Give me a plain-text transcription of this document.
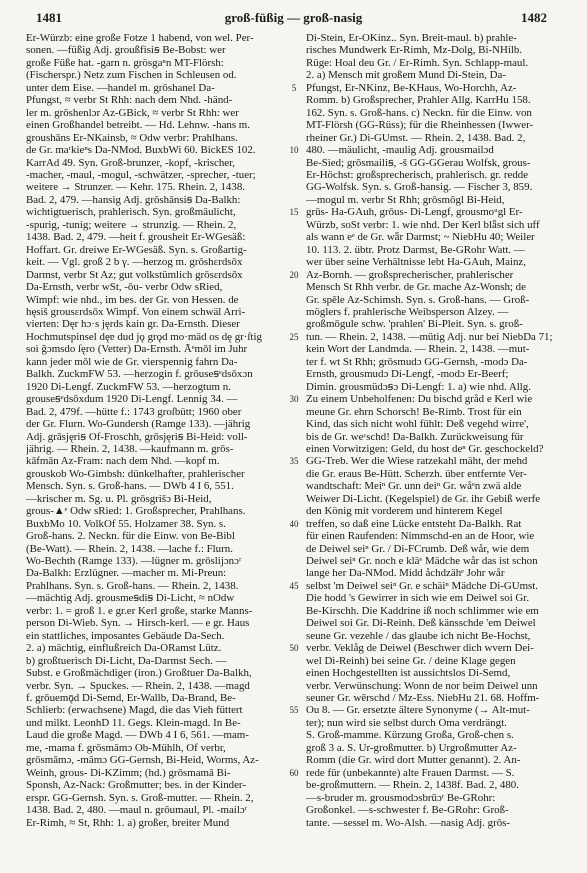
1481	groß-füßig — groß-nasig	1482
Er-Würzb: eine große Fotze 1 habend, von wel. Per-
sonen. —füßig Adj. groußfisiꞩ Be-Bobst: wer
große Füße hat. -garn n. grösgaⁿn MT-Flörsh:
(Fischerspr.) Netz zum Fischen in Schleusen od.
unter dem Eise. —handel m. grōshanel Da-
Pfungst, ≈ verbr St Rhh: nach dem Nhd. -händ-
ler m. grōshenlɔr Az-GBick, ≈ verbr St Rhh: wer
einen Großhandel betreibt. — Hd. Lehnw. -hans m.
groushāns Er-NKainsb, ≈ Odw verbr: Prahlhans.
de Gr. mаʳkiеⁿs Da-NMod. BuxbWi 60. BickES 102.
KarrAd 49. Syn. Groß-brunzer, -kopf, -krischer,
-macher, -maul, -mogul, -schwätzer, -sprecher, -tuer;
weitere → Strunzer. — Kehr. 175. Rhein. 2, 1438.
Bad. 2, 479. —hansig Adj. grōshānsiꞩ Da-Balkh:
wichtigtuerisch, prahlerisch. Syn. großmäulicht,
-spurig, -tunig; weitere → strunzig. — Rhein. 2,
1438. Bad. 2, 479. —heit f. grousheit Er-WGesäß:
Hoffart. Gr. dreiwe Er-WGesäß. Syn. s. Großartig-
keit. — Vgl. groß 2 b γ. —herzog m. grōshɛrdsōx
Darmst, verbr St Az; gut volkstümlich grōsɛrdsōx
Da-Ernsth, verbr wSt, -ōu- verbr Odw sRied,
Wimpf: wie nhd., im bes. der Gr. von Hessen. de
hęsiš grousɛrdsōx Wimpf. Von einem schwäl Arri-
vierten: Dęr hɔ·s jęrds kain gr. Da-Ernsth. Dieser
Hochmutspinsel dęɐ dud jǫ grǫd mo·mäd os dę gr·ſtig
soi ğɔmsdo ſęro (Vetter) Da-Ernsth. Āᵉmǒl im Juhr
kann jeder mǒl wie de Gr. vierspennig fahrn Da-
Balkh. ZuckmFW 53. —herzogin f. grōuseꞩᵉdsōxɔn
1920 Di-Lengf. ZuckmFW 53. —herzogtum n.
grouseꞩᵉdsōxdum 1920 Di-Lengf. Lennig 34. —
Bad. 2, 479f. —hütte f.: 1743 groſbütt; 1960 ober
der Gr. Flurn. Wo-Gundersh (Ramge 133). —jährig
Adj. grāsjęriꞩ Of-Froschh, grōsjęriꞩ Bi-Heid: voll-
jährig. — Rhein. 2, 1438. —kaufmann m. grōs-
kāfmān Az-Fram: nach dem Nhd. —kopf m.
grouskob Wo-Gimbsh: dünkelhafter, prahlerischer
Mensch. Syn. s. Groß-hans. — DWb 4 I 6, 551.
—krischer m. Sg. u. Pl. grōsgrišɔ Bi-Heid,
grous-▲ᵉ Odw sRied: 1. Großsprecher, Prahlhans.
BuxbMo 10. VolkOf 55. Holzamer 38. Syn. s.
Groß-hans. 2. Neckn. für die Einw. von Be-Bibl
(Be-Watt). — Rhein. 2, 1438. —lache f.: Flurn.
Wo-Bechth (Ramge 133). —lügner m. grōslijɔnɔʳ
Da-Balkh: Erzlügner. —macher m. Mi-Preun:
Prahlhans. Syn. s. Groß-hans. — Rhein. 2, 1438.
—mächtig Adj. grousmeꞩdiꞩ Di-Licht, ≈ nOdw
verbr: 1. = groß 1. e gr.er Kerl große, starke Manns-
person Di-Wieb. Syn. → Hirsch-kerl. — e gr. Haus
ein stattliches, imposantes Gebäude Da-Sech.
2. a) mächtig, einflußreich Da-ORamst Lütz.
b) großtuerisch Di-Licht, Da-Darmst Sech. —
Subst. e Großmächdiger (iron.) Großtuer Da-Balkh,
verbr. Syn. → Spuckes. — Rhein. 2, 1438. —magd
f. grōuemǭd Di-Semd, Er-Wallb, Da-Brand, Be-
Schlierb: (erwachsene) Magd, die das Vieh füttert
und milkt. LeonhD 11. Gegs. Klein-magd. In Be-
Laud die große Magd. — DWb 4 I 6, 561. —mam-
me, -mama f. grōsmāmɔ Ob-Mühlh, Of verbr,
grōsmāmɔ, -māmɔ GG-Gernsh, Bi-Heid, Worms, Az-
Weinh, grous- Di-KZimm; (hd.) grōsmamā Bi-
Sponsh, Az-Nack: Großmutter; bes. in der Kinder-
erspr. GG-Gernsh. Syn. s. Groß-mutter. — Rhein. 2,
1438. Bad. 2, 480. —maul n. grōumaul, Pl. -mailɔʳ
Er-Rimh, ≈ St, Rhh: 1. a) großer, breiter Mund
5
10
15
20
25
30
35
40
45
50
55
60
Di-Stein, Er-OKinz.. Syn. Breit-maul. b) prahle-
risches Mundwerk Er-Rimh, Mz-Dolg, Bi-NHilb.
Rüge: Hoal deu Gr. / Er-Rimh. Syn. Schlapp-maul.
2. a) Mensch mit großem Mund Di-Stein, Da-
Pfungst, Er-NKinz, Be-KHaus, Wo-Horchh, Az-
Romm. b) Großsprecher, Prahler Allg. KarrHu 158.
162. Syn. s. Groß-hans. c) Neckn. für die Einw. von
MT-Flörsh (GG-Rüss); für die Rheinhessen (Iwwer-
rheiner Gr.) Di-GUmst. — Rhein. 2, 1438. Bad. 2,
480. —mäulicht, -maulig Adj. grousmailɔd
Be-Sied; grōsmailiꞩ, -š GG-GGerau Wolfsk, grous-
Er-Höchst: großsprecherisch, prahlerisch. gr. redde
GG-Wolfsk. Syn. s. Groß-hansig. — Fischer 3, 859.
—mogul m. verbr St Rhh; grōsmōgl Bi-Heid,
grūs- Ha-GAuh, grōus- Di-Lengf, grousmoᵘgl Er-
Würzb, soSt verbr: 1. wie nhd. Der Kerl blǟst sich uff
als wann eᵉ de Gr. wǟr Darmst; ~ NiebHu 40; Weiler
10. 113. 2. übtr. Protz Darmst, Be-GRohr Watt. —
wer über seine Verhältnisse lebt Ha-GAuh, Mainz,
Az-Bornh. — großsprecherischer, prahlerischer
Mensch St Rhh verbr. de Gr. mache Az-Wonsh; de
Gr. spēle Az-Schimsh. Syn. s. Groß-hans. — Groß-
möglers f. prahlerische Weibsperson Alzey. —
großmōgule schw. 'prahlen' Bi-Pleit. Syn. s. groß-
tun. — Rhein. 2, 1438. —mütig Adj. nur bei NiebDa 71;
kein Wort der Landmda. — Rhein. 2, 1438. —mut-
ter f. wt St Rhh; grōsmudɔ GG-Gernsh, -modɔ Da-
Ernsth, grousmudɔ Di-Lengf, -modɔ Er-Beerf;
Dimin. grousmüdɔꞩɔ Di-Lengf: 1. a) wie nhd. Allg.
Zu einem Unbeholfenen: Du bischd gråd e Kerl wie
meune Gr. ehrn Schorsch! Be-Rimb. Trost für ein
Kind, das sich nicht wohl fühlt: Deß vegehd wirre',
bis de Gr. weᶜschd! Da-Balkh. Zurückweisung für
einen Vorwitzigen: Geld, du host deⁿ Gr. geschockeld?
GG-Treb. Wer die Wiese ratzekahl mäht, der mehd
die Gr. eraus Be-Hütt. Scherzh. über entfernte Ver-
wandtschaft: Meiⁿ Gr. unn deiⁿ Gr. wåᵉn zwä alde
Weiwer Di-Licht. (Kegelspiel) de Gr. ihr Gebiß werfe
den König mit vorderem und hinterem Kegel
treffen, so daß eine Lücke entsteht Da-Balkh. Rat
für einen Raufenden: Nimmschd-en an de Hoor, wie
de Deiwel seiⁿ Gr. / Di-FCrumb. Deß wår, wie dem
Deiwel seiⁿ Gr. noch e kläᵉ Mädche wår das ist schon
lange her Da-NMod. Midd åchdzähᵉ Johr wår
selbst 'm Deiwel seiⁿ Gr. e schäiⁿ Mädche Di-GUmst.
Die hodd 's Gewirrer in sich wie em Deiwel soi Gr.
Be-Kirschh. Die Kaddrine iß noch schlimmer wie em
Deiwel soi Gr. Di-Reinh. Deß känsschde 'em Deiwel
seune Gr. vezehle / das glaube ich nicht Be-Hochst,
verbr. Veklåg de Deiwel (Beschwer dich wvern Dei-
wel Di-Reinh) bei seine Gr. / deine Klage gegen
einen Hochgestellten ist aussichtslos Di-Semd,
verbr. Verwünschung: Wonn de nor beim Deiwel unn
seuner Gr. wērschd / Mz-Ess. NiebHu 21. 68. Hoffm-
Ou 8. — Gr. ersetzte ältere Synonyme (→ Alt-mut-
ter); nun wird sie selbst durch Oma verdrängt.
S. Groß-mamme. Kürzung Großa, Groß-chen s.
groß 3 a. S. Ur-großmutter. b) Urgroßmutter Az-
Romm (die Gr. wird dort Mutter genannt). 2. An-
rede für (unbekannte) alte Frauen Darmst. — S.
be-großmuttern. — Rhein. 2, 1438f. Bad. 2, 480.
—s-bruder m. grousmodɔsbrūɔʳ Be-GRohr:
Großonkel. —s-schwester f. Be-GRohr: Groß-
tante. —sessel m. Wo-Alsh. —nasig Adj. grōs-
